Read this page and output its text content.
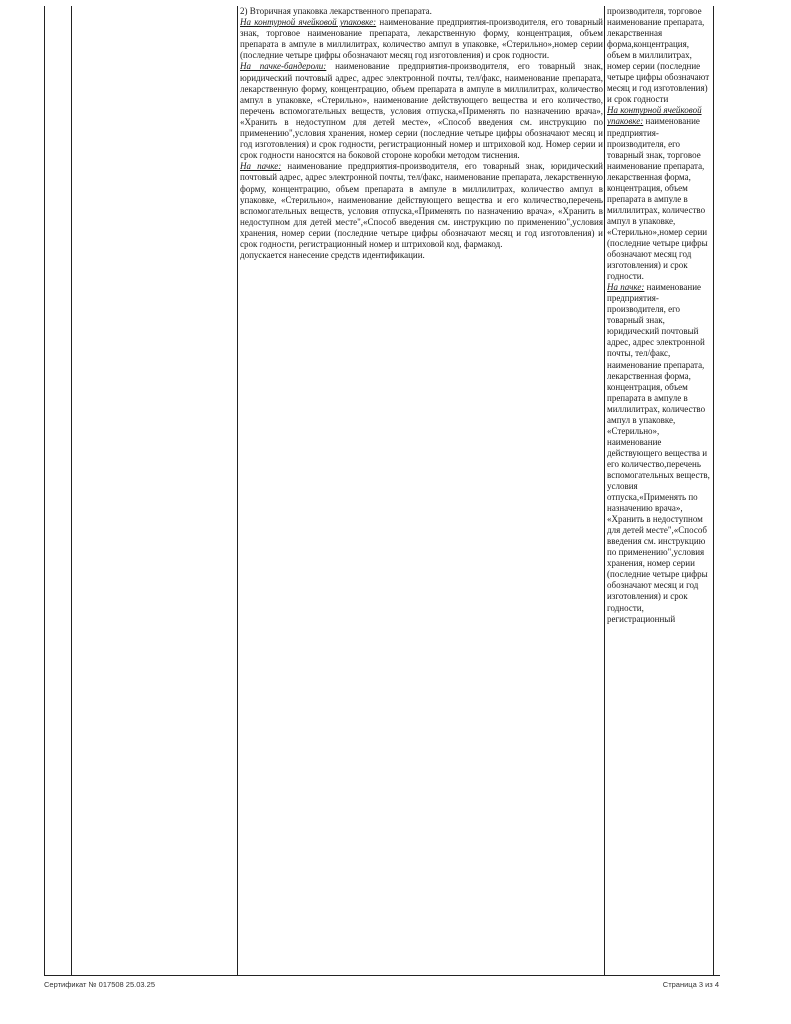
2) Вторичная упаковка лекарственного препарата.

На контурной ячейковой упаковке: наименование предприятия-производителя, его товарный знак, торговое наименование препарата, лекарственную форму, концентрация, объем препарата в ампуле в миллилитрах, количество ампул в упаковке, «Стерильно»,номер серии (последние четыре цифры обозначают месяц год изготовления) и срок годности.

На пачке-бандероли: наименование предприятия-производителя, его товарный знак, юридический почтовый адрес, адрес электронной почты, тел/факс, наименование препарата, лекарственную форму, концентрацию, объем препарата в ампуле в миллилитрах, количество ампул в упаковке, «Стерильно», наименование действующего вещества и его количество, перечень вспомогательных веществ, условия отпуска,«Применять по назначению врача», «Хранить в недоступном для детей месте», «Способ введения см. инструкцию по применению",условия хранения, номер серии (последние четыре цифры обозначают месяц и год изготовления) и срок годности, регистрационный номер и штриховой код. Номер серии и срок годности наносятся на боковой стороне коробки методом тиснения.

На пачке: наименование предприятия-производителя, его товарный знак, юридический почтовый адрес, адрес электронной почты, тел/факс, наименование препарата, лекарственную форму, концентрацию, объем препарата в ампуле в миллилитрах, количество ампул в упаковке, «Стерильно», наименование действующего вещества и его количество,перечень вспомогательных веществ, условия отпуска,«Применять по назначению врача», «Хранить в недоступном для детей месте",«Способ введения см. инструкцию по применению",условия хранения, номер серии (последние четыре цифры обозначают месяц и год изготовления) и срок годности, регистрационный номер и штриховой код, фармакод.

допускается нанесение средств идентификации.

производителя, торговое наименование препарата, лекарственная форма,концентрация, объем в миллилитрах, номер серии (последние четыре цифры обозначают месяц и год изготовления) и срок годности

На контурной ячейковой упаковке: наименование предприятия-производителя, его товарный знак, торговое наименование препарата, лекарственная форма, концентрация, объем препарата в ампуле в миллилитрах, количество ампул в упаковке, «Стерильно»,номер серии (последние четыре цифры обозначают месяц год изготовления) и срок годности.

На пачке: наименование предприятия-производителя, его товарный знак, юридический почтовый адрес, адрес электронной почты, тел/факс, наименование препарата, лекарственная форма, концентрация, объем препарата в ампуле в миллилитрах, количество ампул в упаковке, «Стерильно», наименование действующего вещества и его количество,перечень вспомогательных веществ, условия отпуска,«Применять по назначению врача», «Хранить в недоступном для детей месте",«Способ введения см. инструкцию по применению",условия хранения, номер серии (последние четыре цифры обозначают месяц и год изготовления) и срок годности, регистрационный

Сертификат № 017508 25.03.25	Страница 3 из 4
